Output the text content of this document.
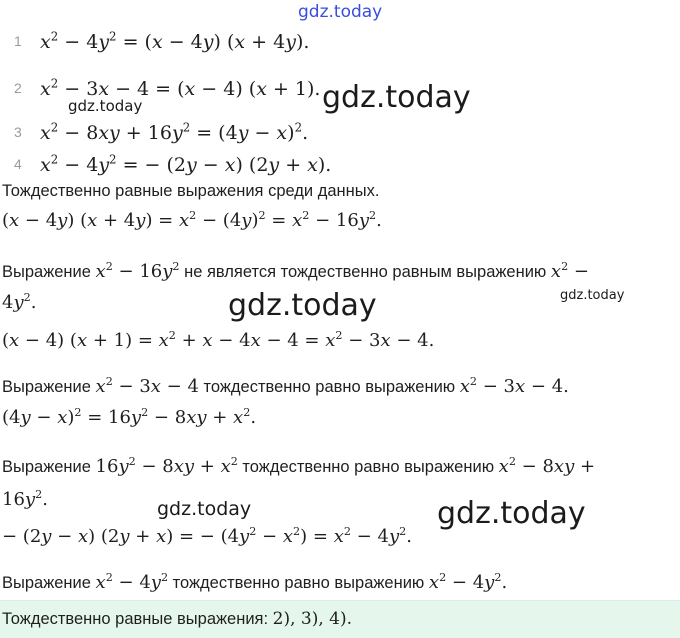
gdz.today
1 $x^2 - 4y^2 = (x - 4y) (x + 4y)$.
2 $x^2 - 3x - 4 = (x - 4) (x + 1)$.
3 $x^2 - 8xy + 16y^2 = (4y - x)^2$.
4 $x^2 - 4y^2$ = − (2y − x) (2y + x).
gdz.today	gdz.today
gdz.today	gdz.today
gdz.today	gdz.today
Тождественно равные выражения среди данных.
(x − 4y) $(x + 4y) = x^2 - (4y)^2 = x^2 - 16y^2$.
Выражение $x^2 - 16y^2$ не является тождественно равным выражению $x^2$ −
$4y^2$.
(x − 4) $(x + 1) = x^2 + x - 4x - 4 = x^2 - 3x - 4$.
Выражение $x^2 - 3x - 4$ тождественно равно выражению $x^2 - 3x - 4$.
$(4y - x)^2 = 16y^2 - 8xy + x^2$.
Выражение $16y^2 - 8xy + x^2$ тождественно равно выражению $x^2 - 8xy$ +
$16y^2$.
− (2y − x) (2y + x) = − $(4y^2 - x^2) = x^2 - 4y^2$.
Выражение $x^2 - 4y^2$ тождественно равно выражению $x^2 - 4y^2$.
Тождественно равные выражения: 2), 3), 4).
